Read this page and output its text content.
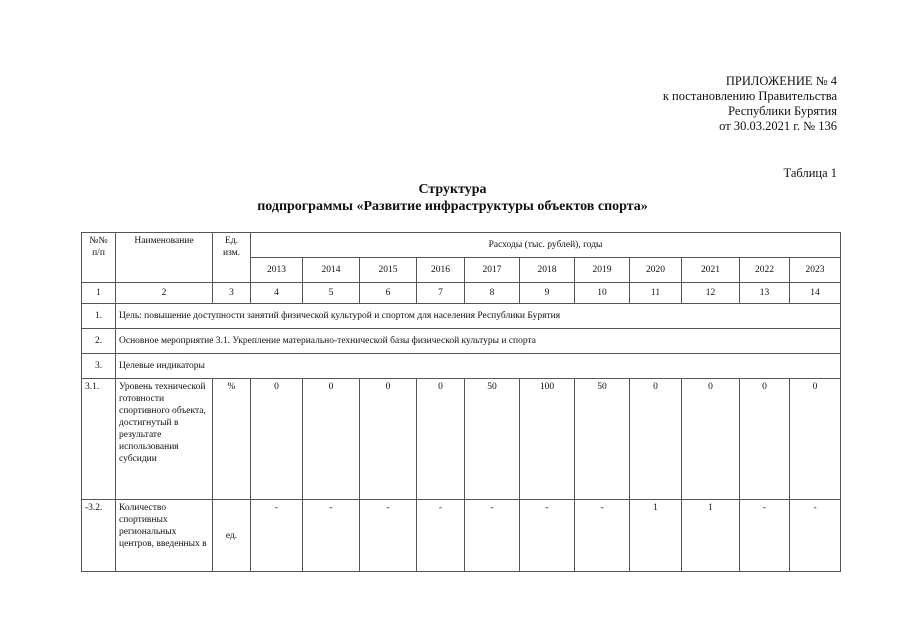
ПРИЛОЖЕНИЕ № 4
к постановлению Правительства
Республики Бурятия
от 30.03.2021 г. № 136
Таблица 1
Структура
подпрограммы «Развитие инфраструктуры объектов спорта»
№№ п/п	Наименование	Ед. изм.	Расходы (тыс. рублей), годы										
			2013	2014	2015	2016	2017	2018	2019	2020	2021	2022	2023
1	2	3	4	5	6	7	8	9	10	11	12	13	14
1.	Цель: повышение доступности занятий физической культурой и спортом для населения Республики Бурятия												
2.	Основное мероприятие 3.1. Укрепление материально-технической базы физической культуры и спорта												
3.	Целевые индикаторы												
3.1.	Уровень технической готовности спортивного объекта, достигнутый в результате использования субсидии	%	0	0	0	0	50	100	50	0	0	0	0
-3.2.	Количество спортивных региональных центров, введенных в	ед.	-	-	-	-	-	-	-	1	1	-	-
